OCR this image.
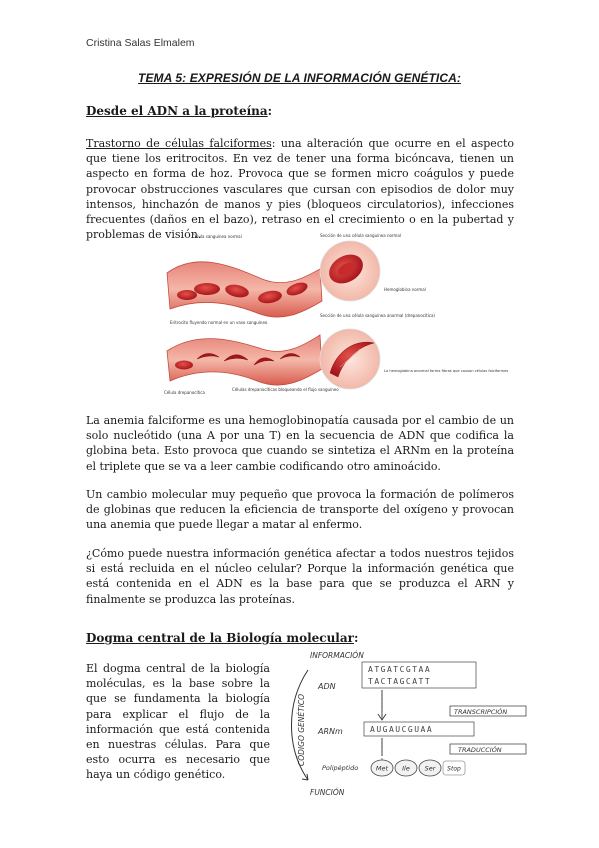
Cristina Salas Elmalem
TEMA 5: EXPRESIÓN DE LA INFORMACIÓN GENÉTICA:
Desde el ADN a la proteína:

Trastorno de células falciformes: una alteración que ocurre en el aspecto que tiene los eritrocitos. En vez de tener una forma bicóncava, tienen un aspecto en forma de hoz. Provoca que se formen micro coágulos y puede provocar obstrucciones vasculares que cursan con episodios de dolor muy intensos, hinchazón de manos y pies (bloqueos circulatorios), infecciones frecuentes (daños en el bazo), retraso en el crecimiento o en la pubertad y problemas de visión.

Célula sanguínea normal
Eritrocito fluyendo normal en un vaso sanguíneo
Célula drepanocítica
Células drepanocíticas bloqueando el flujo sanguíneo
Sección de una célula sanguínea normal
Hemoglobina normal
Sección de una célula sanguínea anormal (drepanocítica)
La hemoglobina anormal forma fibras que causan células falciformes

La anemia falciforme es una hemoglobinopatía causada por el cambio de un solo nucleótido (una A por una T) en la secuencia de ADN que codifica la globina beta. Esto provoca que cuando se sintetiza el ARNm en la proteína el triplete que se va a leer cambie codificando otro aminoácido.

Un cambio molecular muy pequeño que provoca la formación de polímeros de globinas que reducen la eficiencia de transporte del oxígeno y provocan una anemia que puede llegar a matar al enfermo.

¿Cómo puede nuestra información genética afectar a todos nuestros tejidos si está recluida en el núcleo celular? Porque la información genética que está contenida en el ADN es la base para que se produzca el ARN y finalmente se produzca las proteínas.

Dogma central de la Biología molecular:

El dogma central de la biología moléculas, es la base sobre la que se fundamenta la biología para explicar el flujo de la información que está contenida en nuestras células. Para que esto ocurra es necesario que haya un código genético.

INFORMACIÓN
FUNCIÓN
CÓDIGO GENÉTICO
ADN
ARNm
Polipéptido
ATGATCGTAA
TACTAGCATT
TRANSCRIPCIÓN
AUGAUCGUAA
TRADUCCIÓN
Met Ile Ser Stop
